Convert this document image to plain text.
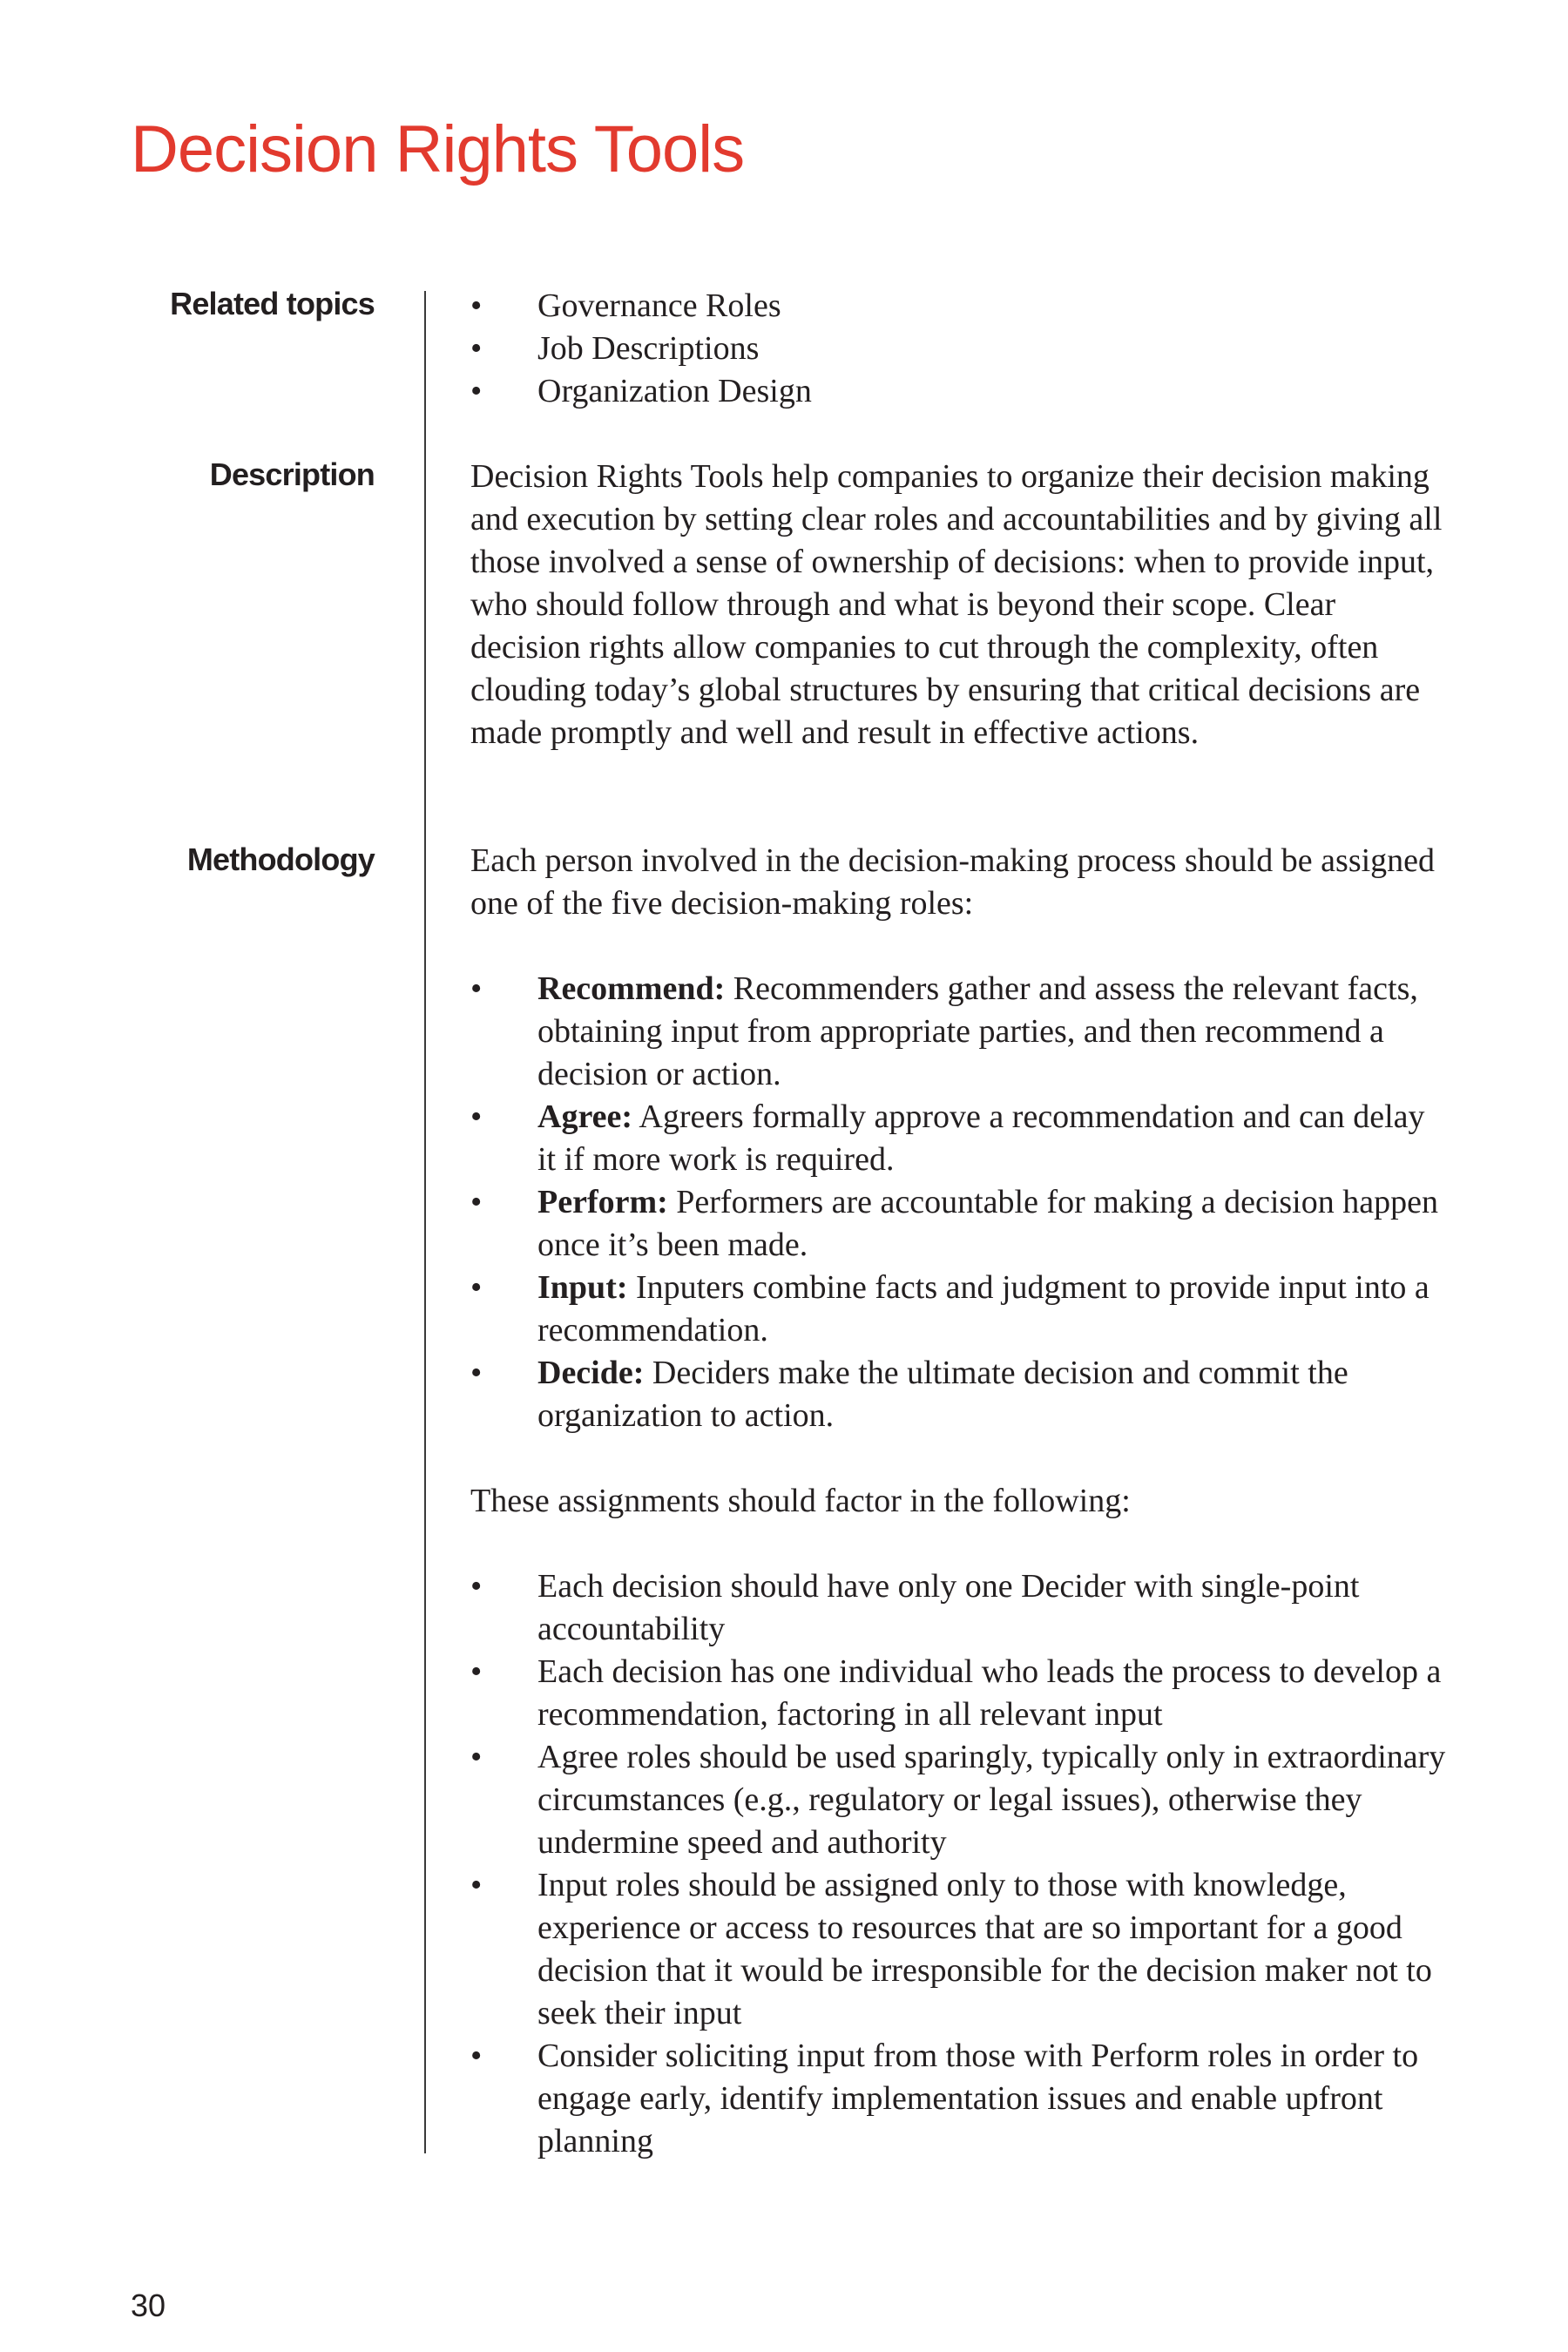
Decision Rights Tools
Related topics
•	Governance Roles
• Job Descriptions
• Organization Design
Description	Decision Rights Tools help companies to organize their decision making and execution by setting clear roles and accountabilities and by giving all those involved a sense of ownership of decisions: when to provide input, who should follow through and what is beyond their scope. Clear decision rights allow companies to cut through the complexity, often clouding today’s global structures by ensuring that critical decisions are made promptly and well and result in effective actions.

Methodology	Each person involved in the decision-making process should be assigned one of the five decision-making roles:

• Recommend: Recommenders gather and assess the relevant facts, obtaining input from appropriate parties, and then recommend a decision or action.
• Agree: Agreers formally approve a recommendation and can delay it if more work is required.
• Perform: Performers are accountable for making a decision happen once it’s been made.
• Input: Inputers combine facts and judgment to provide input into a recommendation.
• Decide: Deciders make the ultimate decision and commit the organization to action.

These assignments should factor in the following:

• Each decision should have only one Decider with single-point accountability
• Each decision has one individual who leads the process to develop a recommendation, factoring in all relevant input
• Agree roles should be used sparingly, typically only in extraordinary circumstances (e.g., regulatory or legal issues), otherwise they undermine speed and authority
• Input roles should be assigned only to those with knowledge, experience or access to resources that are so important for a good decision that it would be irresponsible for the decision maker not to seek their input
• Consider soliciting input from those with Perform roles in order to engage early, identify implementation issues and enable upfront planning
30
